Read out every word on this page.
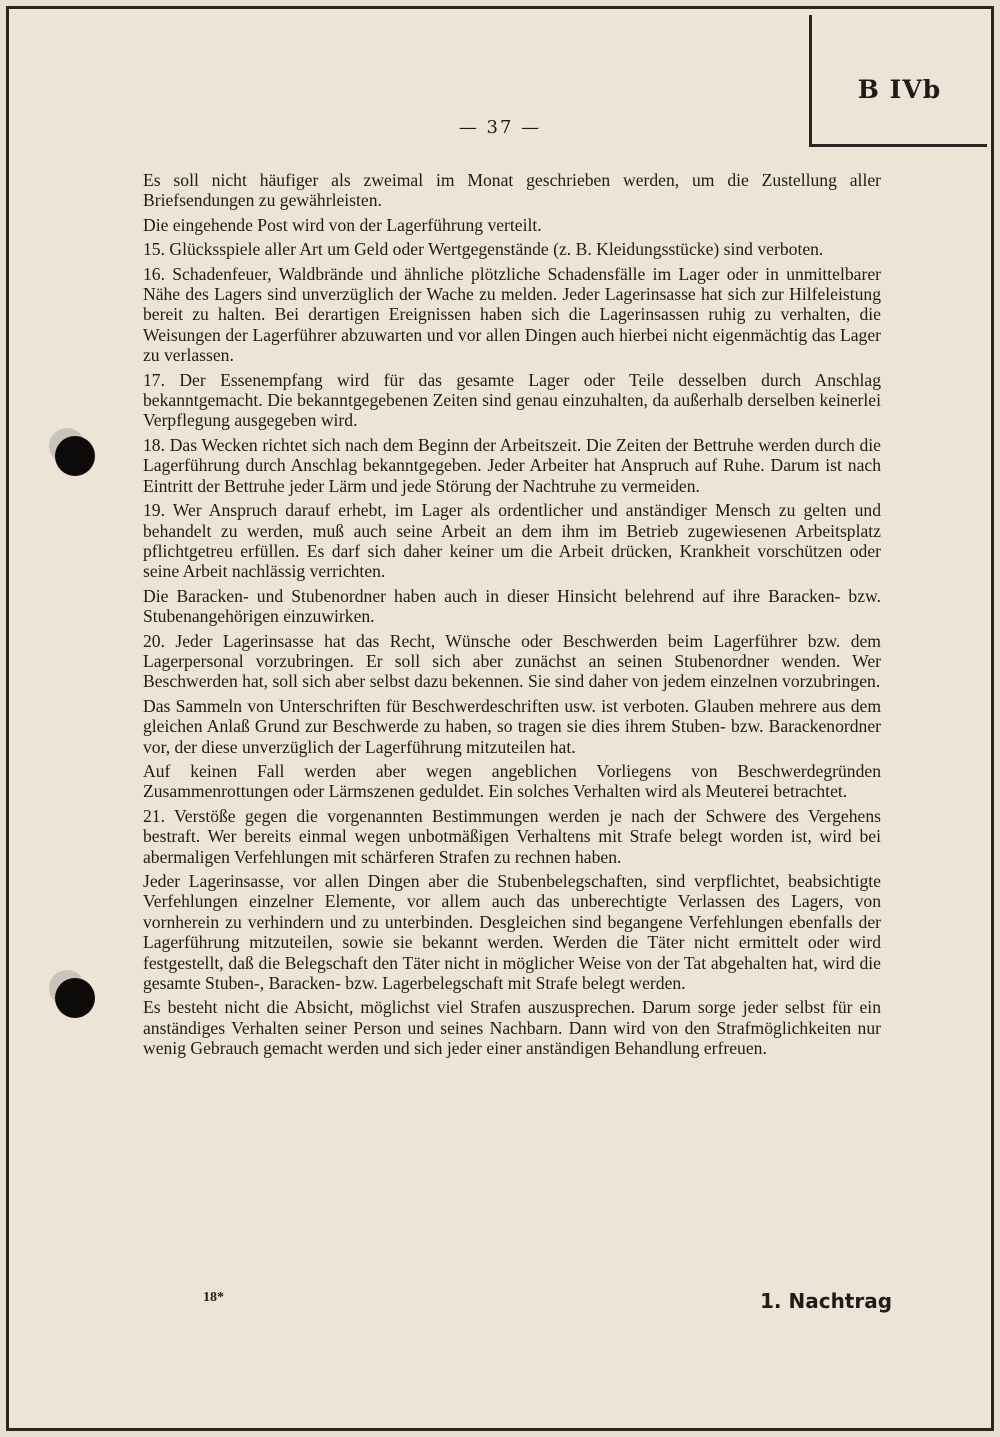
B IVb
— 37 —

Es soll nicht häufiger als zweimal im Monat geschrieben werden, um die Zustellung aller Briefsendungen zu gewährleisten.

Die eingehende Post wird von der Lagerführung verteilt.

15. Glücksspiele aller Art um Geld oder Wertgegenstände (z. B. Kleidungsstücke) sind verboten.

16. Schadenfeuer, Waldbrände und ähnliche plötzliche Schadensfälle im Lager oder in unmittelbarer Nähe des Lagers sind unverzüglich der Wache zu melden. Jeder Lagerinsasse hat sich zur Hilfeleistung bereit zu halten. Bei derartigen Ereignissen haben sich die Lagerinsassen ruhig zu verhalten, die Weisungen der Lagerführer abzuwarten und vor allen Dingen auch hierbei nicht eigenmächtig das Lager zu verlassen.

17. Der Essenempfang wird für das gesamte Lager oder Teile desselben durch Anschlag bekanntgemacht. Die bekanntgegebenen Zeiten sind genau einzuhalten, da außerhalb derselben keinerlei Verpflegung ausgegeben wird.

18. Das Wecken richtet sich nach dem Beginn der Arbeitszeit. Die Zeiten der Bettruhe werden durch die Lagerführung durch Anschlag bekanntgegeben. Jeder Arbeiter hat Anspruch auf Ruhe. Darum ist nach Eintritt der Bettruhe jeder Lärm und jede Störung der Nachtruhe zu vermeiden.

19. Wer Anspruch darauf erhebt, im Lager als ordentlicher und anständiger Mensch zu gelten und behandelt zu werden, muß auch seine Arbeit an dem ihm im Betrieb zugewiesenen Arbeitsplatz pflichtgetreu erfüllen. Es darf sich daher keiner um die Arbeit drücken, Krankheit vorschützen oder seine Arbeit nachlässig verrichten.

Die Baracken- und Stubenordner haben auch in dieser Hinsicht belehrend auf ihre Baracken- bzw. Stubenangehörigen einzuwirken.

20. Jeder Lagerinsasse hat das Recht, Wünsche oder Beschwerden beim Lagerführer bzw. dem Lagerpersonal vorzubringen. Er soll sich aber zunächst an seinen Stubenordner wenden. Wer Beschwerden hat, soll sich aber selbst dazu bekennen. Sie sind daher von jedem einzelnen vorzubringen.

Das Sammeln von Unterschriften für Beschwerdeschriften usw. ist verboten. Glauben mehrere aus dem gleichen Anlaß Grund zur Beschwerde zu haben, so tragen sie dies ihrem Stuben- bzw. Barackenordner vor, der diese unverzüglich der Lagerführung mitzuteilen hat.

Auf keinen Fall werden aber wegen angeblichen Vorliegens von Beschwerdegründen Zusammenrottungen oder Lärmszenen geduldet. Ein solches Verhalten wird als Meuterei betrachtet.

21. Verstöße gegen die vorgenannten Bestimmungen werden je nach der Schwere des Vergehens bestraft. Wer bereits einmal wegen unbotmäßigen Verhaltens mit Strafe belegt worden ist, wird bei abermaligen Verfehlungen mit schärferen Strafen zu rechnen haben.

Jeder Lagerinsasse, vor allen Dingen aber die Stubenbelegschaften, sind verpflichtet, beabsichtigte Verfehlungen einzelner Elemente, vor allem auch das unberechtigte Verlassen des Lagers, von vornherein zu verhindern und zu unterbinden. Desgleichen sind begangene Verfehlungen ebenfalls der Lagerführung mitzuteilen, sowie sie bekannt werden. Werden die Täter nicht ermittelt oder wird festgestellt, daß die Belegschaft den Täter nicht in möglicher Weise von der Tat abgehalten hat, wird die gesamte Stuben-, Baracken- bzw. Lagerbelegschaft mit Strafe belegt werden.

Es besteht nicht die Absicht, möglichst viel Strafen auszusprechen. Darum sorge jeder selbst für ein anständiges Verhalten seiner Person und seines Nachbarn. Dann wird von den Strafmöglichkeiten nur wenig Gebrauch gemacht werden und sich jeder einer anständigen Behandlung erfreuen.

18*	1. Nachtrag
